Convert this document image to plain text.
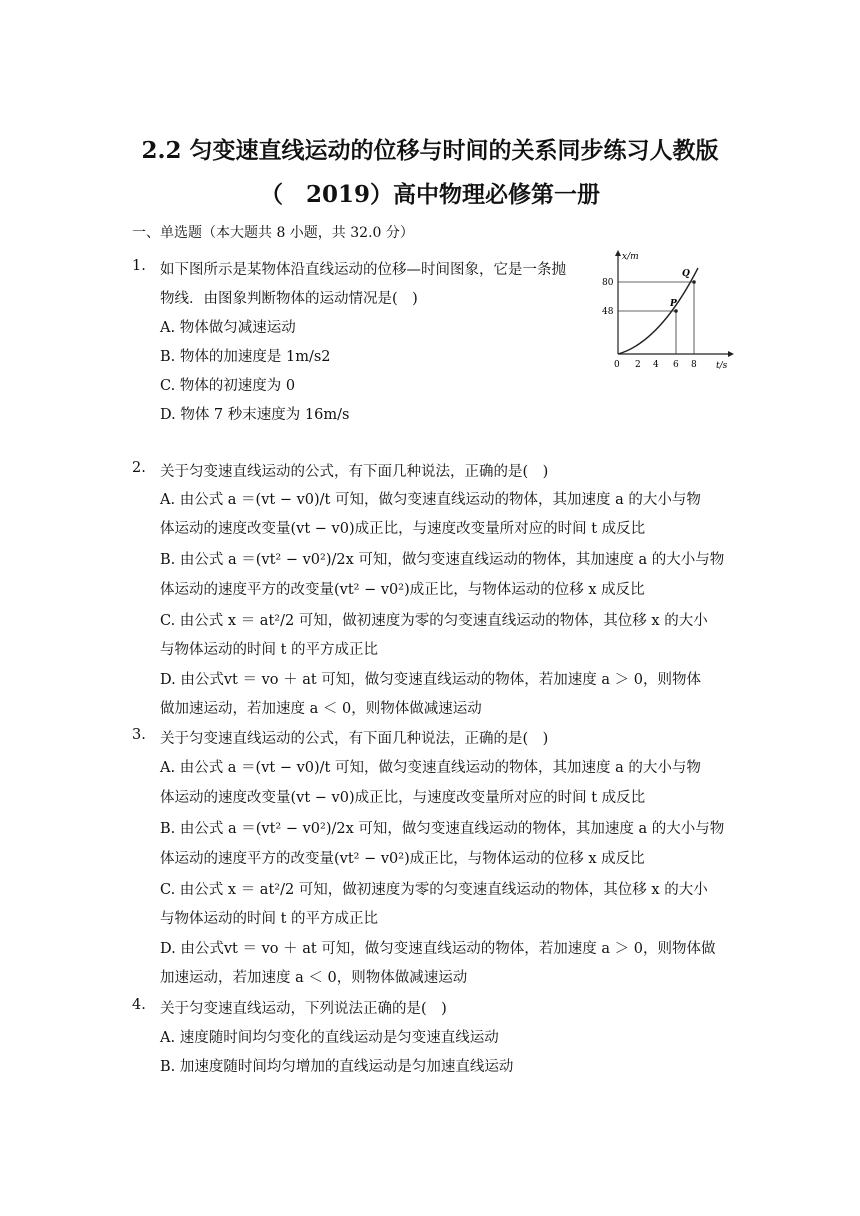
2.2 匀变速直线运动的位移与时间的关系同步练习人教版
（　2019）高中物理必修第一册
一、单选题（本大题共 8 小题，共 32.0 分）
1. 如下图所示是某物体沿直线运动的位移—时间图象，它是一条抛
物线．由图象判断物体的运动情况是(　)
A. 物体做匀减速运动
B. 物体的加速度是 1m/s2
C. 物体的初速度为 0
D. 物体 7 秒末速度为 16m/s
x/m
t/s
80
48
0 2 4 6 8
P
Q
2. 关于匀变速直线运动的公式，有下面几种说法，正确的是(　)
A. 由公式 a ＝(vt − v0)/t 可知，做匀变速直线运动的物体，其加速度 a 的大小与物
体运动的速度改变量(vt − v0)成正比，与速度改变量所对应的时间 t 成反比
B. 由公式 a ＝(vt² − v0²)/2x 可知，做匀变速直线运动的物体，其加速度 a 的大小与物
体运动的速度平方的改变量(vt² − v0²)成正比，与物体运动的位移 x 成反比
C. 由公式 x ＝ at²/2 可知，做初速度为零的匀变速直线运动的物体，其位移 x 的大小
与物体运动的时间 t 的平方成正比
D. 由公式vt ＝ vo ＋ at 可知，做匀变速直线运动的物体，若加速度 a ＞ 0，则物体
做加速运动，若加速度 a ＜ 0，则物体做减速运动
3. 关于匀变速直线运动的公式，有下面几种说法，正确的是(　)
A. 由公式 a ＝(vt − v0)/t 可知，做匀变速直线运动的物体，其加速度 a 的大小与物
体运动的速度改变量(vt − v0)成正比，与速度改变量所对应的时间 t 成反比
B. 由公式 a ＝(vt² − v0²)/2x 可知，做匀变速直线运动的物体，其加速度 a 的大小与物
体运动的速度平方的改变量(vt² − v0²)成正比，与物体运动的位移 x 成反比
C. 由公式 x ＝ at²/2 可知，做初速度为零的匀变速直线运动的物体，其位移 x 的大小
与物体运动的时间 t 的平方成正比
D. 由公式vt ＝ vo ＋ at 可知，做匀变速直线运动的物体，若加速度 a ＞ 0，则物体做
加速运动，若加速度 a ＜ 0，则物体做减速运动
4. 关于匀变速直线运动，下列说法正确的是(　)
A. 速度随时间均匀变化的直线运动是匀变速直线运动
B. 加速度随时间均匀增加的直线运动是匀加速直线运动
